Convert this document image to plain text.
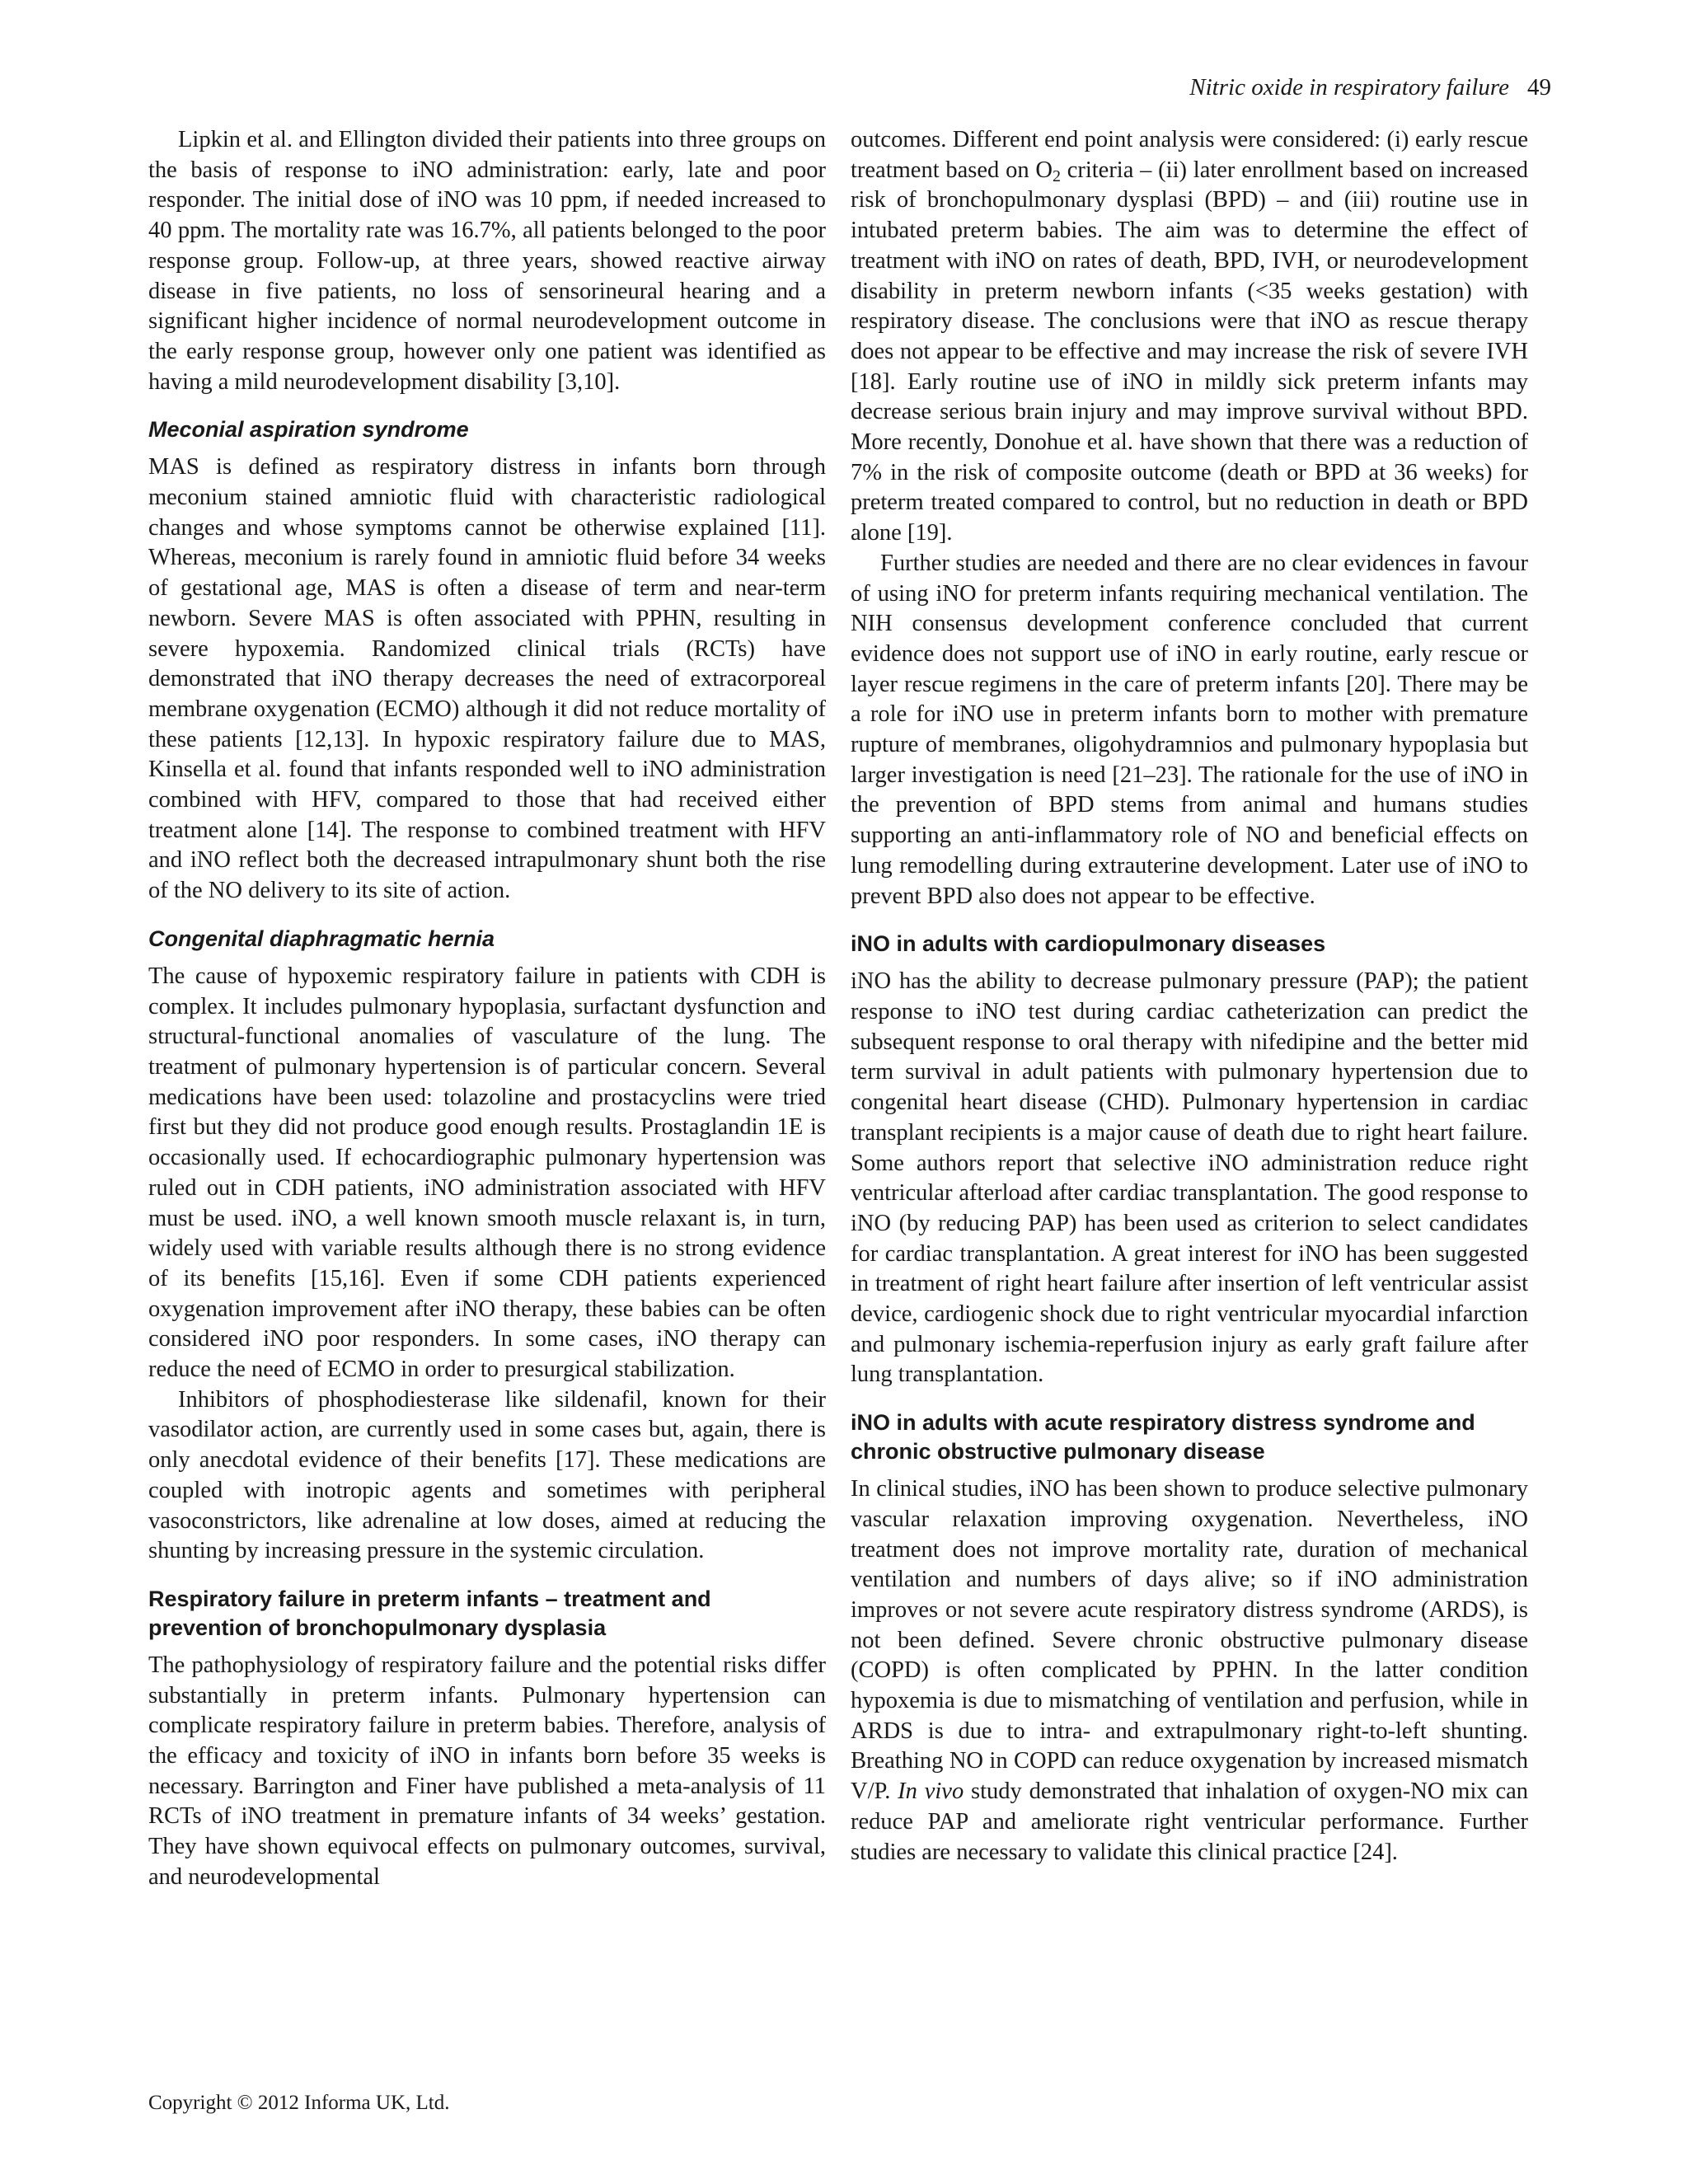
Nitric oxide in respiratory failure 49

Lipkin et al. and Ellington divided their patients into three groups on the basis of response to iNO administration: early, late and poor responder. The initial dose of iNO was 10 ppm, if needed increased to 40 ppm. The mortality rate was 16.7%, all patients belonged to the poor response group. Follow-up, at three years, showed reactive airway disease in five patients, no loss of sensorineural hearing and a significant higher incidence of normal neurodevelopment outcome in the early response group, however only one patient was identified as having a mild neurodevelopment disability [3,10].

Meconial aspiration syndrome

MAS is defined as respiratory distress in infants born through meconium stained amniotic fluid with characteristic radiological changes and whose symptoms cannot be otherwise explained [11]. Whereas, meconium is rarely found in amniotic fluid before 34 weeks of gestational age, MAS is often a disease of term and near-term newborn. Severe MAS is often associated with PPHN, resulting in severe hypoxemia. Randomized clinical trials (RCTs) have demonstrated that iNO therapy decreases the need of extracorporeal membrane oxygenation (ECMO) although it did not reduce mortality of these patients [12,13]. In hypoxic respiratory failure due to MAS, Kinsella et al. found that infants responded well to iNO administration combined with HFV, compared to those that had received either treatment alone [14]. The response to combined treatment with HFV and iNO reflect both the decreased intrapulmonary shunt both the rise of the NO delivery to its site of action.

Congenital diaphragmatic hernia

The cause of hypoxemic respiratory failure in patients with CDH is complex. It includes pulmonary hypoplasia, surfactant dysfunction and structural-functional anomalies of vasculature of the lung. The treatment of pulmonary hypertension is of particular concern. Several medications have been used: tolazoline and prostacyclins were tried first but they did not produce good enough results. Prostaglandin 1E is occasionally used. If echocardiographic pulmonary hypertension was ruled out in CDH patients, iNO administration associated with HFV must be used. iNO, a well known smooth muscle relaxant is, in turn, widely used with variable results although there is no strong evidence of its benefits [15,16]. Even if some CDH patients experienced oxygenation improvement after iNO therapy, these babies can be often considered iNO poor responders. In some cases, iNO therapy can reduce the need of ECMO in order to presurgical stabilization.

Inhibitors of phosphodiesterase like sildenafil, known for their vasodilator action, are currently used in some cases but, again, there is only anecdotal evidence of their benefits [17]. These medications are coupled with inotropic agents and sometimes with peripheral vasoconstrictors, like adrenaline at low doses, aimed at reducing the shunting by increasing pressure in the systemic circulation.

Respiratory failure in preterm infants – treatment and prevention of bronchopulmonary dysplasia

The pathophysiology of respiratory failure and the potential risks differ substantially in preterm infants. Pulmonary hypertension can complicate respiratory failure in preterm babies. Therefore, analysis of the efficacy and toxicity of iNO in infants born before 35 weeks is necessary. Barrington and Finer have published a meta-analysis of 11 RCTs of iNO treatment in premature infants of 34 weeks’ gestation. They have shown equivocal effects on pulmonary outcomes, survival, and neurodevelopmental

outcomes. Different end point analysis were considered: (i) early rescue treatment based on $O_2$ criteria – (ii) later enrollment based on increased risk of bronchopulmonary dysplasi (BPD) – and (iii) routine use in intubated preterm babies. The aim was to determine the effect of treatment with iNO on rates of death, BPD, IVH, or neurodevelopment disability in preterm newborn infants (<35 weeks gestation) with respiratory disease. The conclusions were that iNO as rescue therapy does not appear to be effective and may increase the risk of severe IVH [18]. Early routine use of iNO in mildly sick preterm infants may decrease serious brain injury and may improve survival without BPD. More recently, Donohue et al. have shown that there was a reduction of 7% in the risk of composite outcome (death or BPD at 36 weeks) for preterm treated compared to control, but no reduction in death or BPD alone [19].

Further studies are needed and there are no clear evidences in favour of using iNO for preterm infants requiring mechanical ventilation. The NIH consensus development conference concluded that current evidence does not support use of iNO in early routine, early rescue or layer rescue regimens in the care of preterm infants [20]. There may be a role for iNO use in preterm infants born to mother with premature rupture of membranes, oligohydramnios and pulmonary hypoplasia but larger investigation is need [21–23]. The rationale for the use of iNO in the prevention of BPD stems from animal and humans studies supporting an anti-inflammatory role of NO and beneficial effects on lung remodelling during extrauterine development. Later use of iNO to prevent BPD also does not appear to be effective.

iNO in adults with cardiopulmonary diseases

iNO has the ability to decrease pulmonary pressure (PAP); the patient response to iNO test during cardiac catheterization can predict the subsequent response to oral therapy with nifedipine and the better mid term survival in adult patients with pulmonary hypertension due to congenital heart disease (CHD). Pulmonary hypertension in cardiac transplant recipients is a major cause of death due to right heart failure. Some authors report that selective iNO administration reduce right ventricular afterload after cardiac transplantation. The good response to iNO (by reducing PAP) has been used as criterion to select candidates for cardiac transplantation. A great interest for iNO has been suggested in treatment of right heart failure after insertion of left ventricular assist device, cardiogenic shock due to right ventricular myocardial infarction and pulmonary ischemia-reperfusion injury as early graft failure after lung transplantation.

iNO in adults with acute respiratory distress syndrome and chronic obstructive pulmonary disease

In clinical studies, iNO has been shown to produce selective pulmonary vascular relaxation improving oxygenation. Nevertheless, iNO treatment does not improve mortality rate, duration of mechanical ventilation and numbers of days alive; so if iNO administration improves or not severe acute respiratory distress syndrome (ARDS), is not been defined. Severe chronic obstructive pulmonary disease (COPD) is often complicated by PPHN. In the latter condition hypoxemia is due to mismatching of ventilation and perfusion, while in ARDS is due to intra- and extrapulmonary right-to-left shunting. Breathing NO in COPD can reduce oxygenation by increased mismatch V/P. In vivo study demonstrated that inhalation of oxygen-NO mix can reduce PAP and ameliorate right ventricular performance. Further studies are necessary to validate this clinical practice [24].

Copyright © 2012 Informa UK, Ltd.
